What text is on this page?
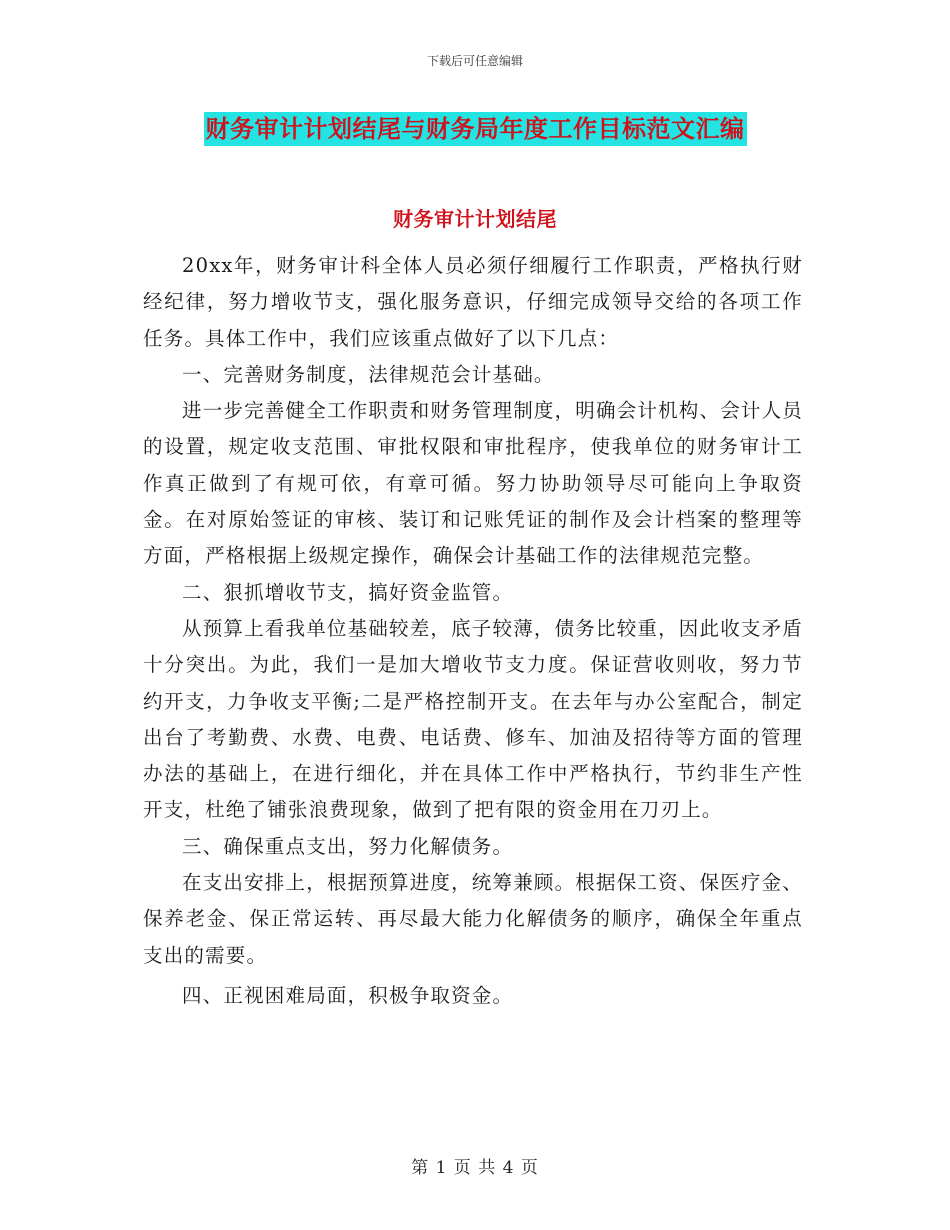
下载后可任意编辑
财务审计计划结尾与财务局年度工作目标范文汇编
财务审计计划结尾

20xx年，财务审计科全体人员必须仔细履行工作职责，严格执行财经纪律，努力增收节支，强化服务意识，仔细完成领导交给的各项工作任务。具体工作中，我们应该重点做好了以下几点：

一、完善财务制度，法律规范会计基础。

进一步完善健全工作职责和财务管理制度，明确会计机构、会计人员的设置，规定收支范围、审批权限和审批程序，使我单位的财务审计工作真正做到了有规可依，有章可循。努力协助领导尽可能向上争取资金。在对原始签证的审核、装订和记账凭证的制作及会计档案的整理等方面，严格根据上级规定操作，确保会计基础工作的法律规范完整。

二、狠抓增收节支，搞好资金监管。

从预算上看我单位基础较差，底子较薄，债务比较重，因此收支矛盾十分突出。为此，我们一是加大增收节支力度。保证营收则收，努力节约开支，力争收支平衡;二是严格控制开支。在去年与办公室配合，制定出台了考勤费、水费、电费、电话费、修车、加油及招待等方面的管理办法的基础上，在进行细化，并在具体工作中严格执行，节约非生产性开支，杜绝了铺张浪费现象，做到了把有限的资金用在刀刃上。

三、确保重点支出，努力化解债务。

在支出安排上，根据预算进度，统筹兼顾。根据保工资、保医疗金、保养老金、保正常运转、再尽最大能力化解债务的顺序，确保全年重点支出的需要。

四、正视困难局面，积极争取资金。

第 1 页 共 4 页
